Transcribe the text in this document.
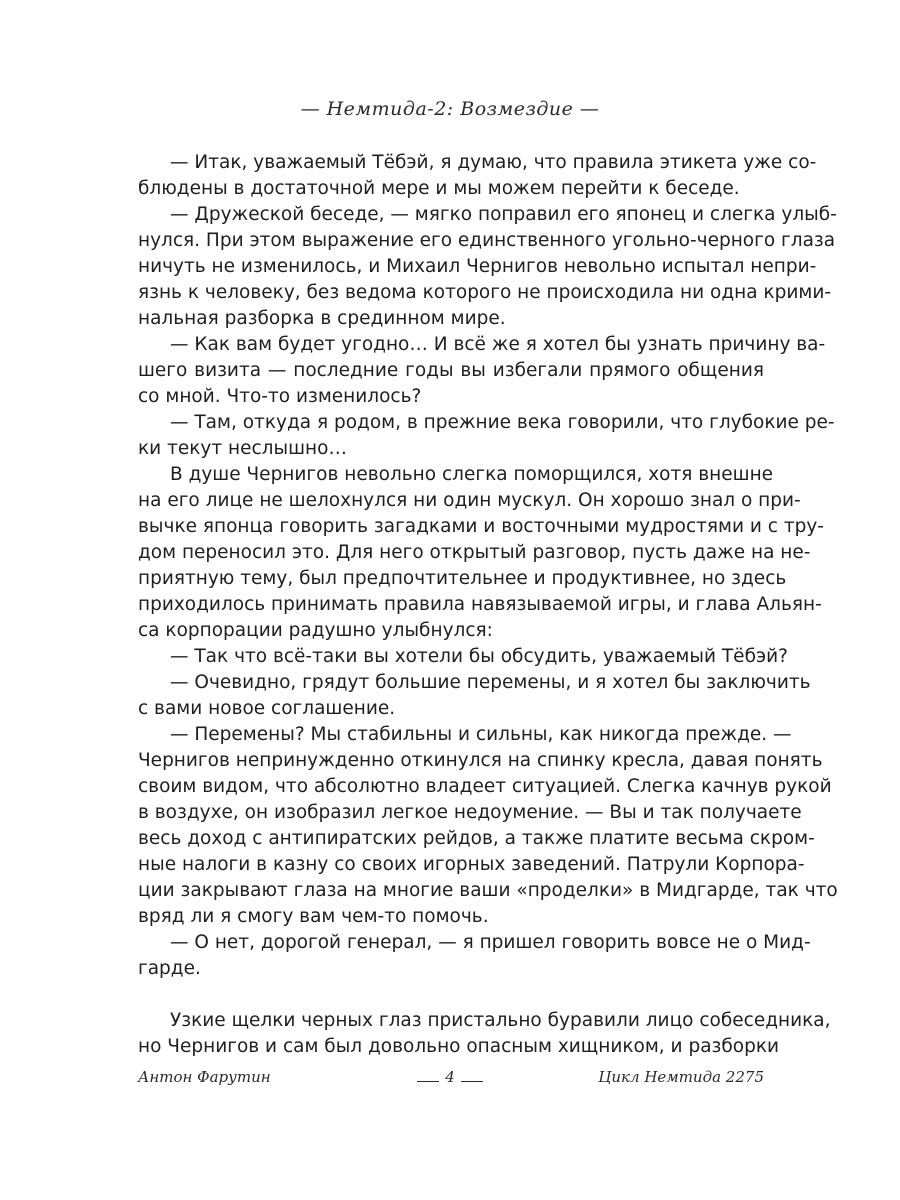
— Немтида-2: Возмездие —
— Итак, уважаемый Тёбэй, я думаю, что правила этикета уже со-
блюдены в достаточной мере и мы можем перейти к беседе.
— Дружеской беседе, — мягко поправил его японец и слегка улыб-
нулся. При этом выражение его единственного угольно-черного глаза
ничуть не изменилось, и Михаил Чернигов невольно испытал непри-
язнь к человеку, без ведома которого не происходила ни одна крими-
нальная разборка в срединном мире.
— Как вам будет угодно… И всё же я хотел бы узнать причину ва-
шего визита — последние годы вы избегали прямого общения
со мной. Что-то изменилось?
— Там, откуда я родом, в прежние века говорили, что глубокие ре-
ки текут неслышно…
В душе Чернигов невольно слегка поморщился, хотя внешне
на его лице не шелохнулся ни один мускул. Он хорошо знал о при-
вычке японца говорить загадками и восточными мудростями и с тру-
дом переносил это. Для него открытый разговор, пусть даже на не-
приятную тему, был предпочтительнее и продуктивнее, но здесь
приходилось принимать правила навязываемой игры, и глава Альян-
са корпорации радушно улыбнулся:
— Так что всё-таки вы хотели бы обсудить, уважаемый Тёбэй?
— Очевидно, грядут большие перемены, и я хотел бы заключить
с вами новое соглашение.
— Перемены? Мы стабильны и сильны, как никогда прежде. —
Чернигов непринужденно откинулся на спинку кресла, давая понять
своим видом, что абсолютно владеет ситуацией. Слегка качнув рукой
в воздухе, он изобразил легкое недоумение. — Вы и так получаете
весь доход с антипиратских рейдов, а также платите весьма скром-
ные налоги в казну со своих игорных заведений. Патрули Корпора-
ции закрывают глаза на многие ваши «проделки» в Мидгарде, так что
вряд ли я смогу вам чем-то помочь.
— О нет, дорогой генерал, — я пришел говорить вовсе не о Мид-
гарде.
Узкие щелки черных глаз пристально буравили лицо собеседника,
но Чернигов и сам был довольно опасным хищником, и разборки
Антон Фарутин	4	Цикл Немтида 2275
